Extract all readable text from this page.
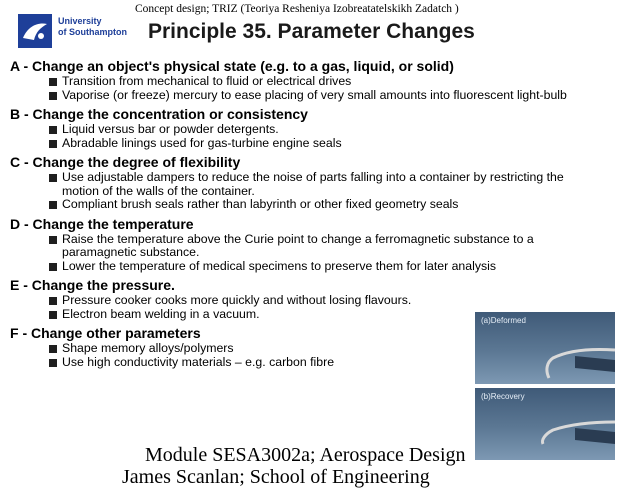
Concept design; TRIZ (Teoriya Resheniya Izobreatatelskikh Zadatch )
University
of Southampton Principle 35. Parameter Changes
A - Change an object's physical state (e.g. to a gas, liquid, or solid)
Transition from mechanical to fluid or electrical drives
Vaporise (or freeze) mercury to ease placing of very small amounts into fluorescent light-bulb
B - Change the concentration or consistency
Liquid versus bar or powder detergents.
Abradable linings used for gas-turbine engine seals
C - Change the degree of flexibility
Use adjustable dampers to reduce the noise of parts falling into a container by restricting the
motion of the walls of the container.
Compliant brush seals rather than labyrinth or other fixed geometry seals
D - Change the temperature
Raise the temperature above the Curie point to change a ferromagnetic substance to a
paramagnetic substance.
Lower the temperature of medical specimens to preserve them for later analysis
E - Change the pressure.
Pressure cooker cooks more quickly and without losing flavours.
Electron beam welding in a vacuum.
F - Change other parameters
Shape memory alloys/polymers
Use high conductivity materials – e.g. carbon fibre
(a)Deformed
(b)Recovery
Module SESA3002a; Aerospace Design
James Scanlan; School of Engineering
